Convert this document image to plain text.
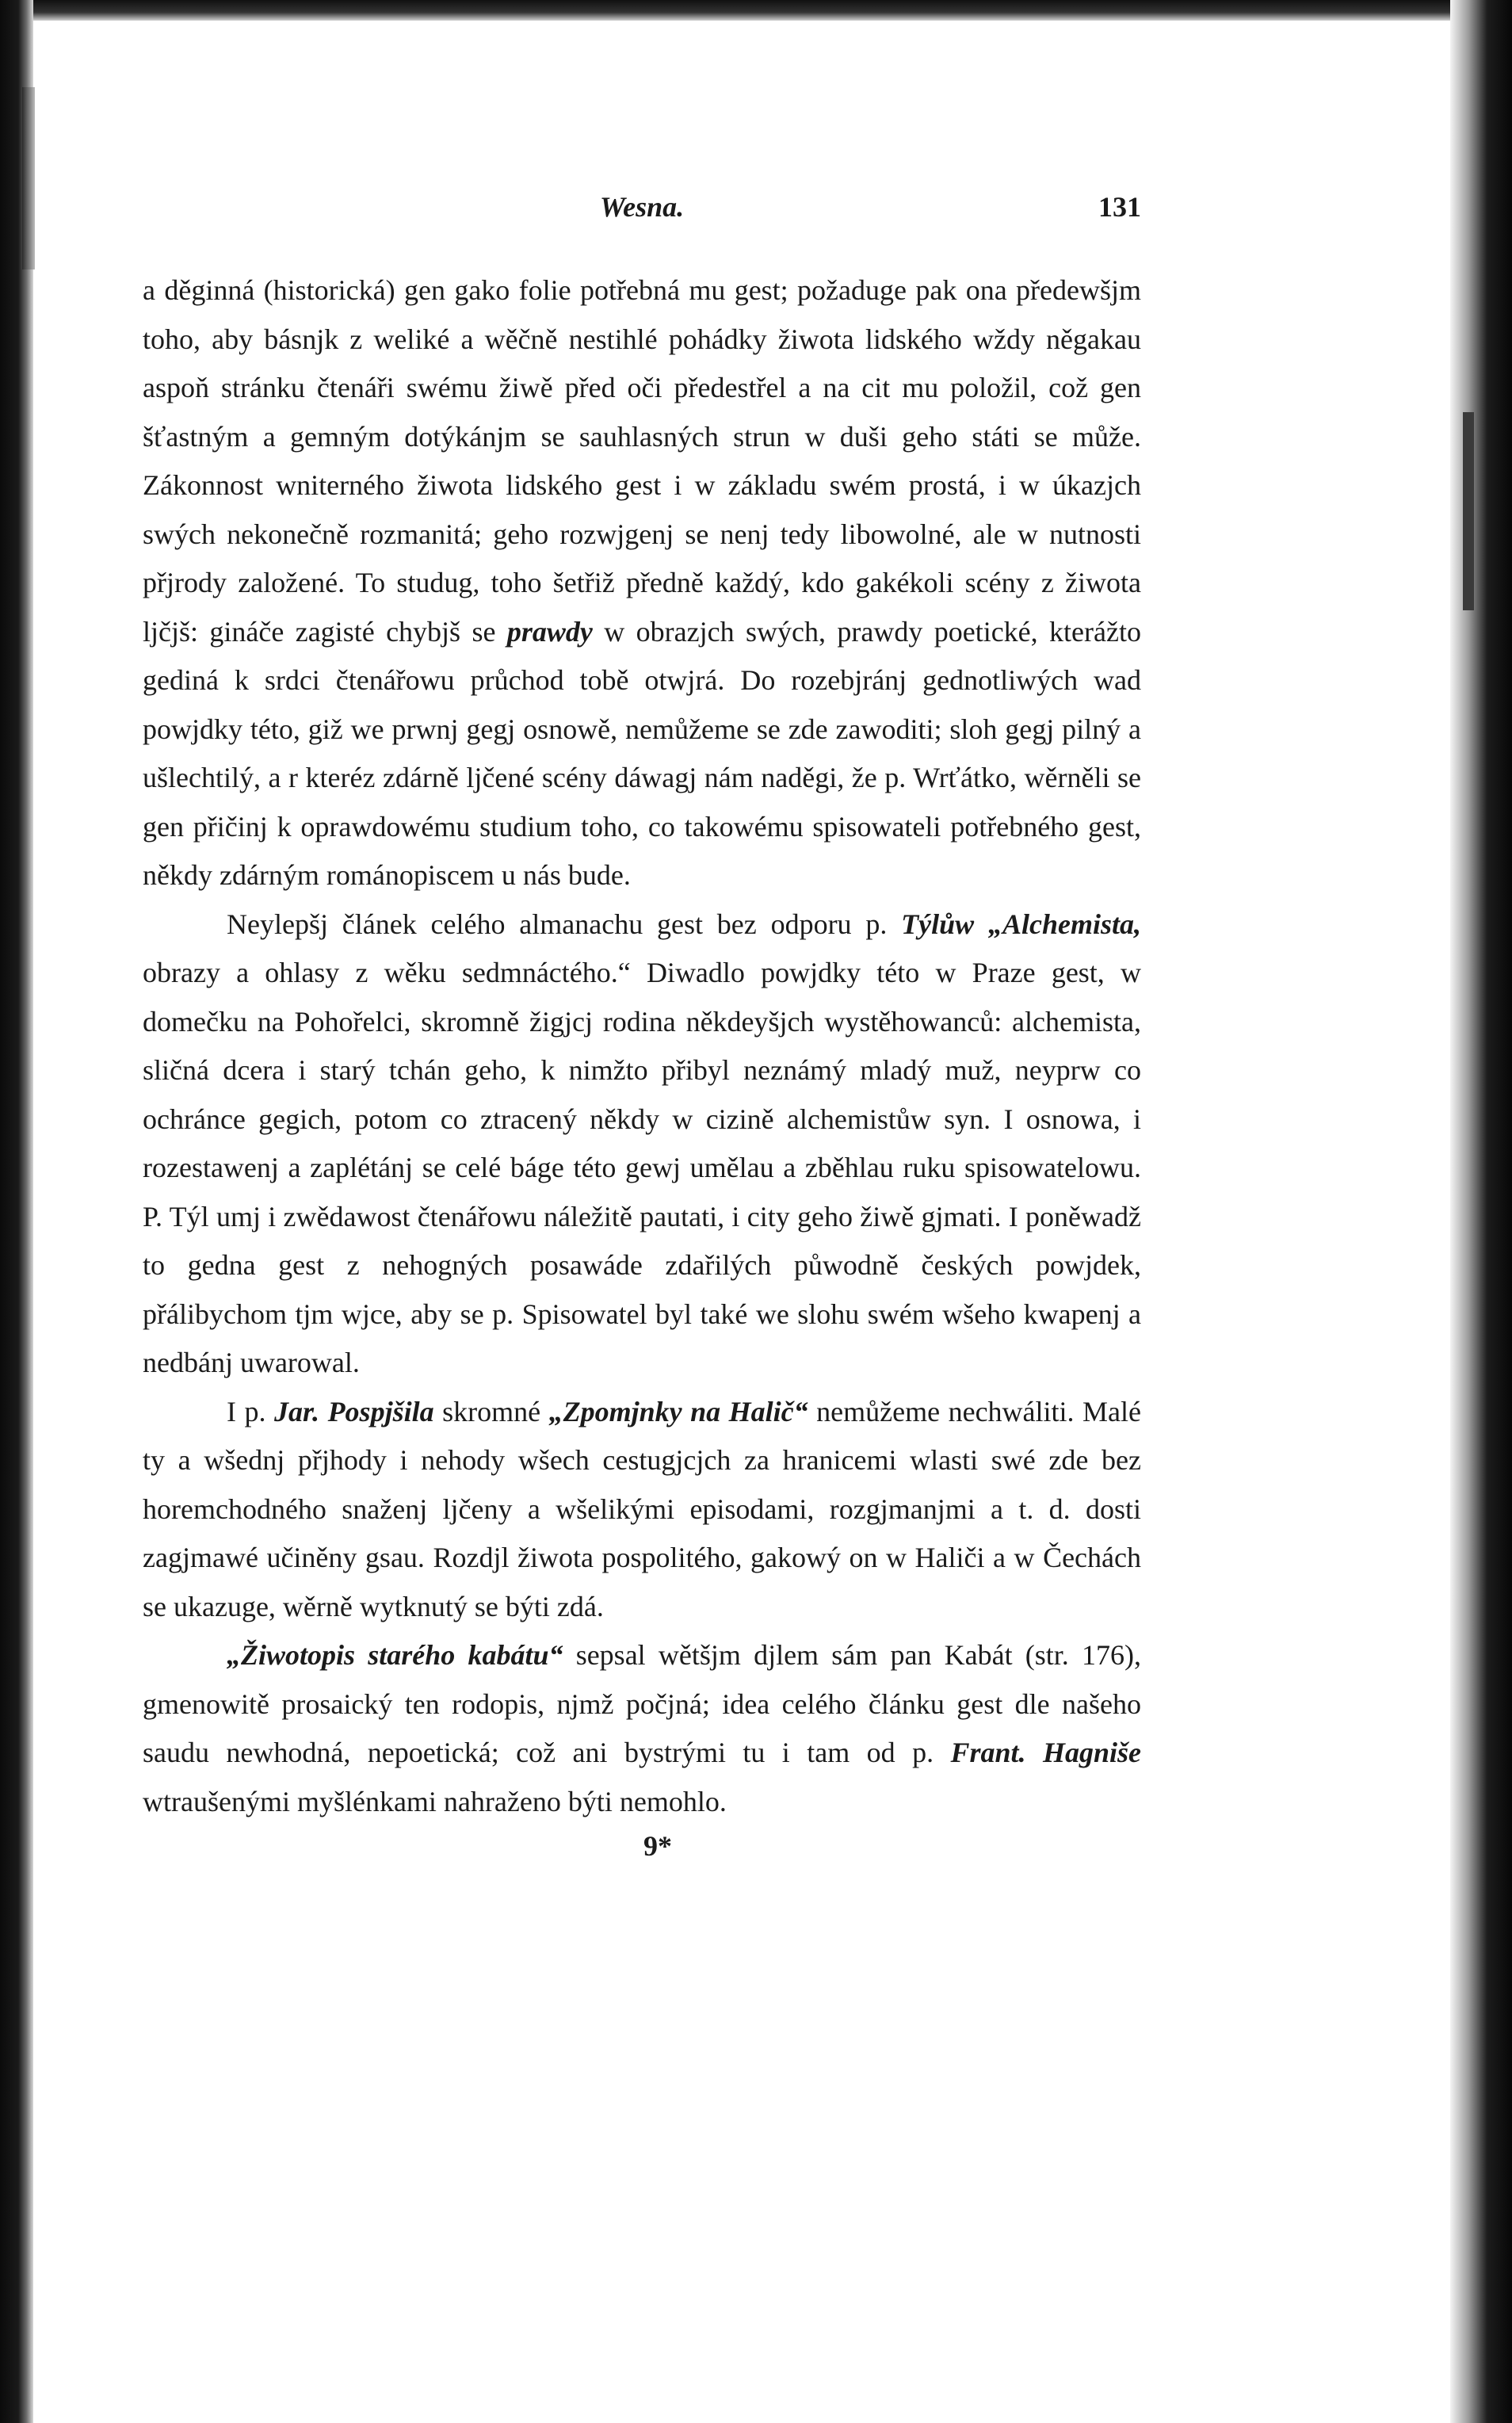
Wesna.	131

a děginná (historická) gen gako folie potřebná mu gest; požaduge pak ona předewšjm toho, aby básnjk z weliké a wěčně nestihlé pohádky žiwota lidského wždy něgakau aspoň stránku čtenáři swému žiwě před oči předestřel a na cit mu položil, což gen šťastným a gemným dotýkánjm se sauhlasných strun w duši geho státi se může. Zákonnost wniterného žiwota lidského gest i w základu swém prostá, i w úkazjch swých nekonečně rozmanitá; geho rozwjgenj se nenj tedy libowolné, ale w nutnosti přjrody založené. To studug, toho šetřiž předně každý, kdo gakékoli scény z žiwota ljčjš: gináče zagisté chybjš se prawdy w obrazjch swých, prawdy poetické, kterážto gediná k srdci čtenářowu průchod tobě otwjrá. Do rozebjránj gednotliwých wad powjdky této, giž we prwnj gegj osnowě, nemůžeme se zde zawoditi; sloh gegj pilný a ušlechtilý, a r kteréz zdárně ljčené scény dáwagj nám naděgi, že p. Wrťátko, wěrněli se gen přičinj k oprawdowému studium toho, co takowému spisowateli potřebného gest, někdy zdárným románopiscem u nás bude.

Neylepšj článek celého almanachu gest bez odporu p. Týlůw „Alchemista, obrazy a ohlasy z wěku sedmnáctého.“ Diwadlo powjdky této w Praze gest, w domečku na Pohořelci, skromně žigjcj rodina někdeyšjch wystěhowanců: alchemista, sličná dcera i starý tchán geho, k nimžto přibyl neznámý mladý muž, neyprw co ochránce gegich, potom co ztracený někdy w cizině alchemistůw syn. I osnowa, i rozestawenj a zaplétánj se celé báge této gewj umělau a zběhlau ruku spisowatelowu. P. Týl umj i zwědawost čtenářowu náležitě pautati, i city geho žiwě gjmati. I poněwadž to gedna gest z nehogných posawáde zdařilých půwodně českých powjdek, přálibychom tjm wjce, aby se p. Spisowatel byl také we slohu swém wšeho kwapenj a nedbánj uwarowal.

I p. Jar. Pospjšila skromné „Zpomjnky na Halič“ nemůžeme nechwáliti. Malé ty a wšednj přjhody i nehody wšech cestugjcjch za hranicemi wlasti swé zde bez horemchodného snaženj ljčeny a wšelikými episodami, rozgjmanjmi a t. d. dosti zagjmawé učiněny gsau. Rozdjl žiwota pospolitého, gakowý on w Haliči a w Čechách se ukazuge, wěrně wytknutý se býti zdá.

„Žiwotopis starého kabátu“ sepsal wětšjm djlem sám pan Kabát (str. 176), gmenowitě prosaický ten rodopis, njmž počjná; idea celého článku gest dle našeho saudu newhodná, nepoetická; což ani bystrými tu i tam od p. Frant. Hagniše wtraušenými myšlénkami nahraženo býti nemohlo.

9*
